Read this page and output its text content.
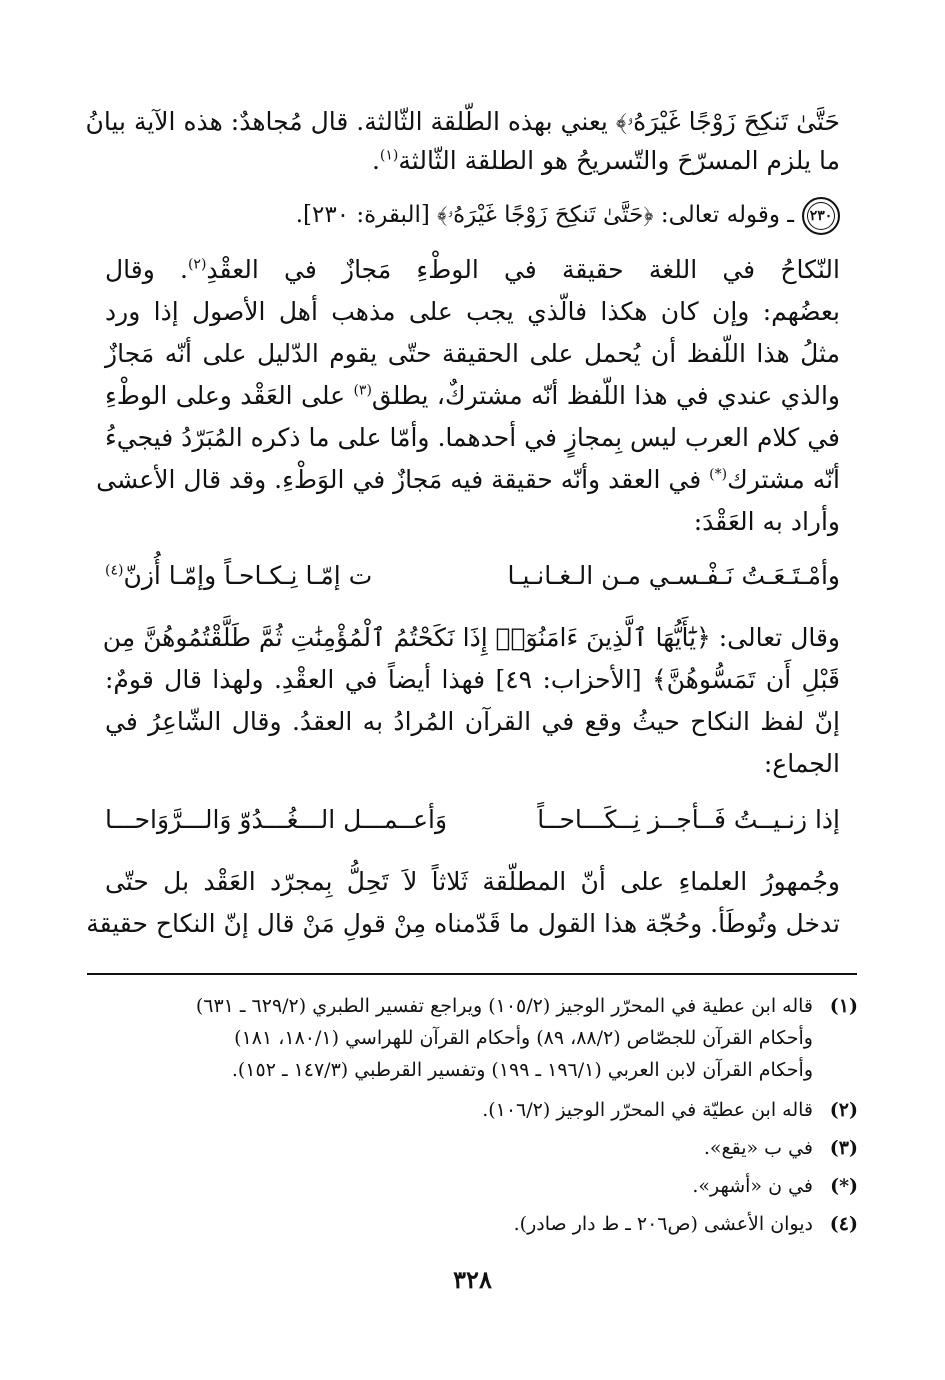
حَتَّىٰ تَنكِحَ زَوْجًا غَيْرَهُۥ﴾ يعني بهذه الطّلقة الثّالثة. قال مُجاهدٌ: هذه الآية بيانُ
ما يلزم المسرّحَ والتّسريحُ هو الطلقة الثّالثة$^{(١)}$.
٢٣٠ـ وقوله تعالى: ﴿حَتَّىٰ تَنكِحَ زَوْجًا غَيْرَهُۥ﴾ [البقرة: ٢٣٠].
النّكاحُ في اللغة حقيقة في الوطْءِ مَجازٌ في العقْدِ$^{(٢)}$. وقال
بعضُهم: وإن كان هكذا فالّذي يجب على مذهب أهل الأصول إذا ورد
مثلُ هذا اللّفظ أن يُحمل على الحقيقة حتّى يقوم الدّليل على أنّه مَجازٌ
والذي عندي في هذا اللّفظ أنّه مشتركٌ، يطلق$^{(٣)}$ على العَقْد وعلى الوطْءِ
في كلام العرب ليس بِمجازٍ في أحدهما. وأمّا على ما ذكره المُبَرّدُ فيجيءُ
أنّه مشترك(*) في العقد وأنّه حقيقة فيه مَجازٌ في الوَطْءِ. وقد قال الأعشى
وأراد به العَقْدَ:
وأمْـتَـعَـتُ نَـفْـسـي مـن الـغـانـيـا
ت إمّـا نِـكـاحـاً وإمّـا أُزنّ$^{(٤)}$
وقال تعالى: ﴿يَٰٓأَيُّهَا ٱلَّذِينَ ءَامَنُوٓا۟ إِذَا نَكَحْتُمُ ٱلْمُؤْمِنَٰتِ ثُمَّ طَلَّقْتُمُوهُنَّ مِن
قَبْلِ أَن تَمَسُّوهُنَّ﴾ [الأحزاب: ٤٩] فهذا أيضاً في العقْدِ. ولهذا قال قومٌ:
إنّ لفظ النكاح حيثُ وقع في القرآن المُرادُ به العقدُ. وقال الشّاعِرُ في
الجماع:
إذا زنـيــتُ فَــأجــز نِــكَـــاحــاً
وَأعــمـــل الـــغُـــدُوّ وَالـــرَّوَاحـــا
وجُمهورُ العلماءِ على أنّ المطلّقة ثَلاثاً لاَ تَحِلُّ بِمجرّد العَقْد بل حتّى
تدخل وتُوطَأ. وحُجّة هذا القول ما قَدّمناه مِنْ قولِ مَنْ قال إنّ النكاح حقيقة
(١)
قاله ابن عطية في المحرّر الوجيز (١٠٥/٢) ويراجع تفسير الطبري (٦٢٩/٢ ـ ٦٣١)
وأحكام القرآن للجصّاص (٨٨/٢، ٨٩) وأحكام القرآن للهراسي (١٨٠/١، ١٨١)
وأحكام القرآن لابن العربي (١٩٦/١ ـ ١٩٩) وتفسير القرطبي (١٤٧/٣ ـ ١٥٢).
(٢)
قاله ابن عطيّة في المحرّر الوجيز (١٠٦/٢).
(٣)
في ب «يقع».
(*)
في ن «أشهر».
(٤)
ديوان الأعشى (ص٢٠٦ ـ ط دار صادر).
٣٢٨
